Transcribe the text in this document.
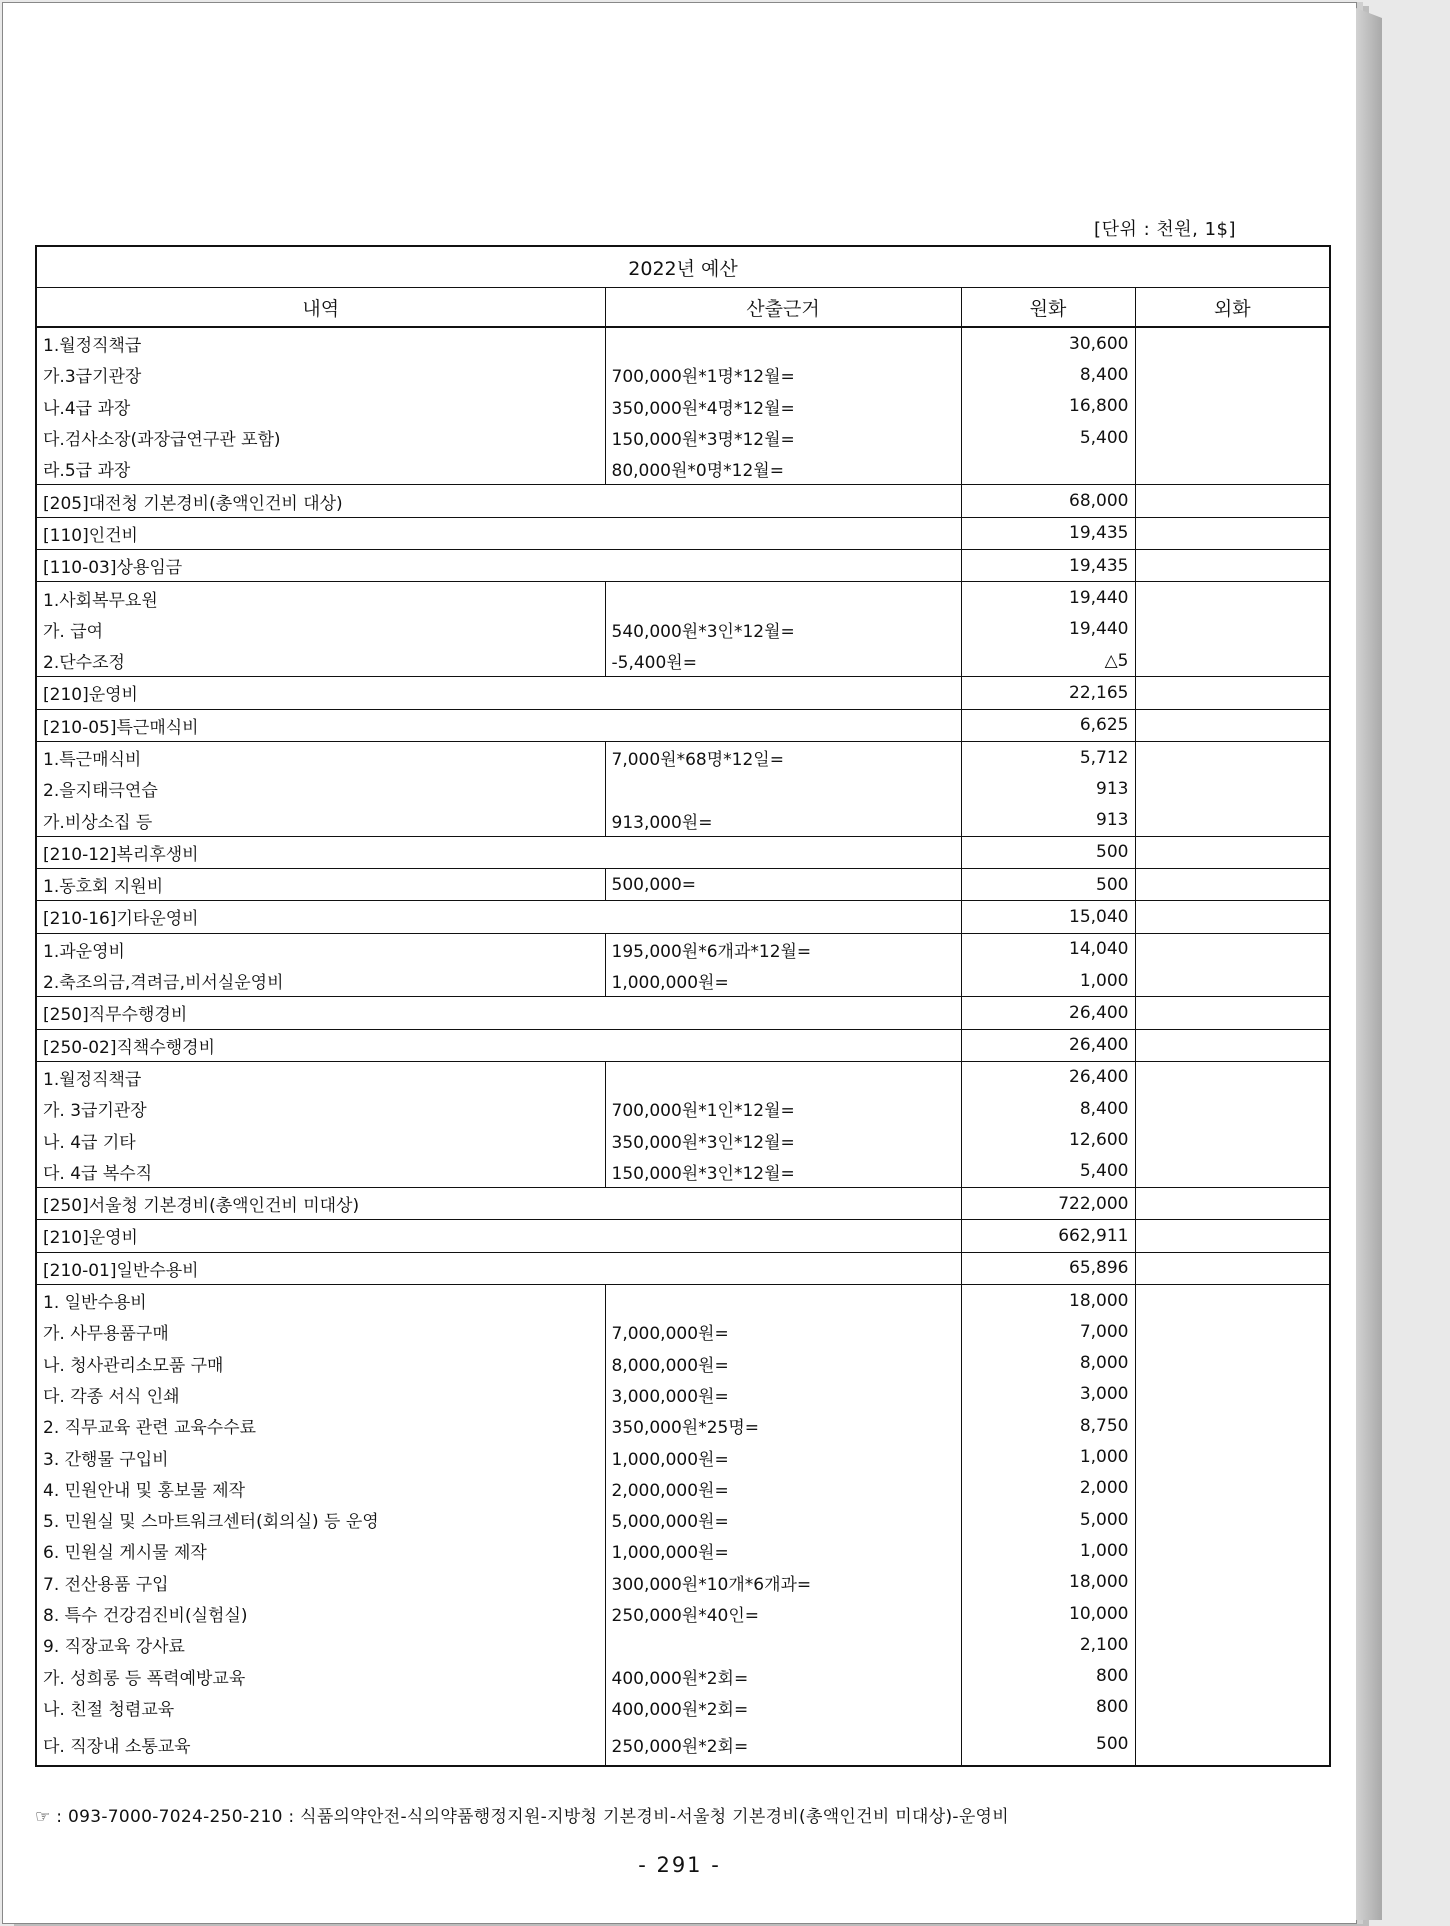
[단위 : 천원, 1$]
2022년 예산			
내역	산출근거	원화	외화
1.월정직책급		30,600	
가.3급기관장	700,000원*1명*12월=	8,400	
나.4급 과장	350,000원*4명*12월=	16,800	
다.검사소장(과장급연구관 포함)	150,000원*3명*12월=	5,400	
라.5급 과장	80,000원*0명*12월=		
[205]대전청 기본경비(총액인건비 대상)		68,000	
[110]인건비		19,435	
[110-03]상용임금		19,435	
1.사회복무요원		19,440	
가. 급여	540,000원*3인*12월=	19,440	
2.단수조정	-5,400원=	△5	
[210]운영비		22,165	
[210-05]특근매식비		6,625	
1.특근매식비	7,000원*68명*12일=	5,712	
2.을지태극연습		913	
가.비상소집 등	913,000원=	913	
[210-12]복리후생비		500	
1.동호회 지원비	500,000=	500	
[210-16]기타운영비		15,040	
1.과운영비	195,000원*6개과*12월=	14,040	
2.축조의금,격려금,비서실운영비	1,000,000원=	1,000	
[250]직무수행경비		26,400	
[250-02]직책수행경비		26,400	
1.월정직책급		26,400	
가. 3급기관장	700,000원*1인*12월=	8,400	
나. 4급 기타	350,000원*3인*12월=	12,600	
다. 4급 복수직	150,000원*3인*12월=	5,400	
[250]서울청 기본경비(총액인건비 미대상)		722,000	
[210]운영비		662,911	
[210-01]일반수용비		65,896	
1. 일반수용비		18,000	
가. 사무용품구매	7,000,000원=	7,000	
나. 청사관리소모품 구매	8,000,000원=	8,000	
다. 각종 서식 인쇄	3,000,000원=	3,000	
2. 직무교육 관련 교육수수료	350,000원*25명=	8,750	
3. 간행물 구입비	1,000,000원=	1,000	
4. 민원안내 및 홍보물 제작	2,000,000원=	2,000	
5. 민원실 및 스마트워크센터(회의실) 등 운영	5,000,000원=	5,000	
6. 민원실 게시물 제작	1,000,000원=	1,000	
7. 전산용품 구입	300,000원*10개*6개과=	18,000	
8. 특수 건강검진비(실험실)	250,000원*40인=	10,000	
9. 직장교육 강사료		2,100	
가. 성희롱 등 폭력예방교육	400,000원*2회=	800	
나. 친절 청렴교육	400,000원*2회=	800	
다. 직장내 소통교육	250,000원*2회=	500	
☞ : 093-7000-7024-250-210 : 식품의약안전-식의약품행정지원-지방청 기본경비-서울청 기본경비(총액인건비 미대상)-운영비
- 291 -
